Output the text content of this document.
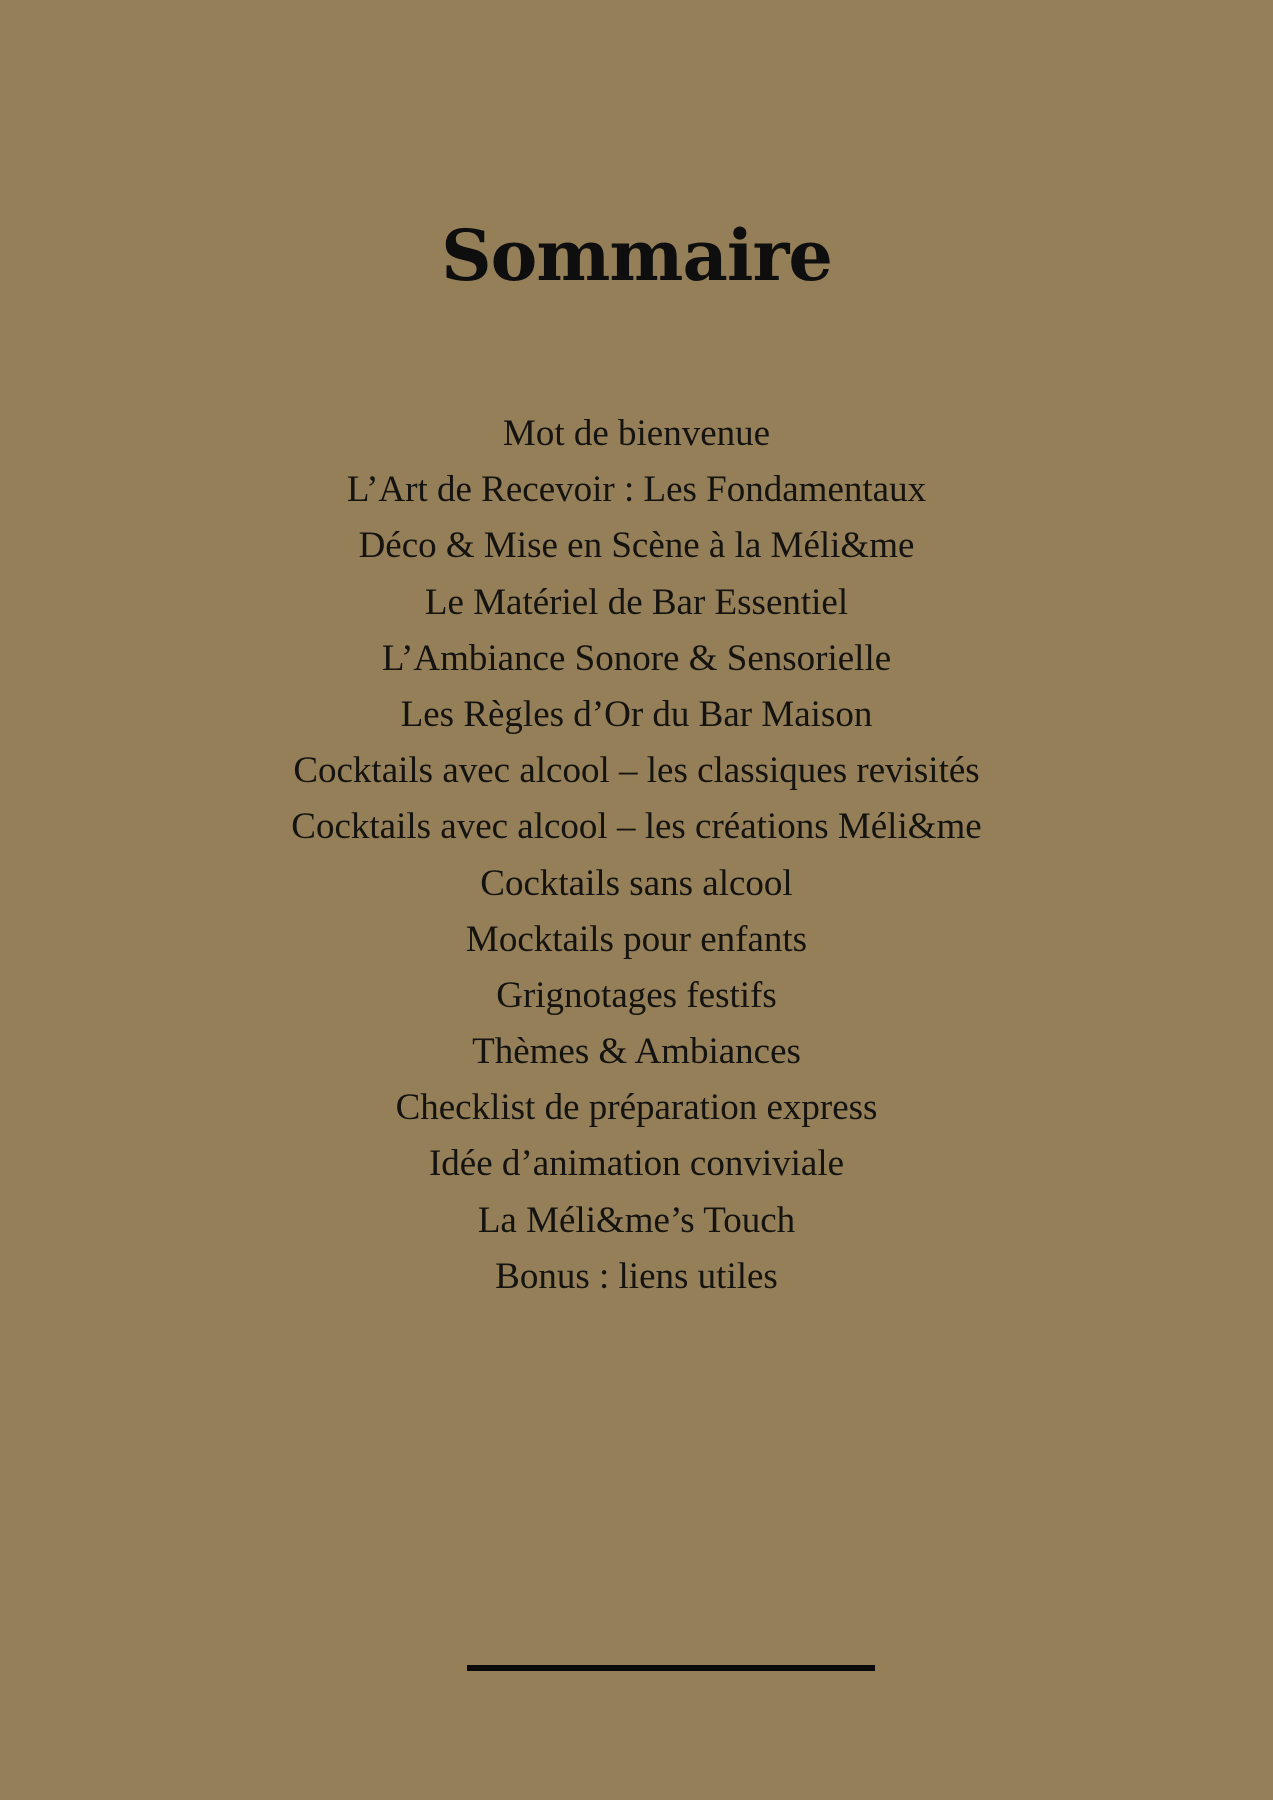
Sommaire
Mot de bienvenue
L’Art de Recevoir : Les Fondamentaux
Déco & Mise en Scène à la Méli&me
Le Matériel de Bar Essentiel
L’Ambiance Sonore & Sensorielle
Les Règles d’Or du Bar Maison
Cocktails avec alcool – les classiques revisités
Cocktails avec alcool – les créations Méli&me
Cocktails sans alcool
Mocktails pour enfants
Grignotages festifs
Thèmes & Ambiances
Checklist de préparation express
Idée d’animation conviviale
La Méli&me’s Touch
Bonus : liens utiles
